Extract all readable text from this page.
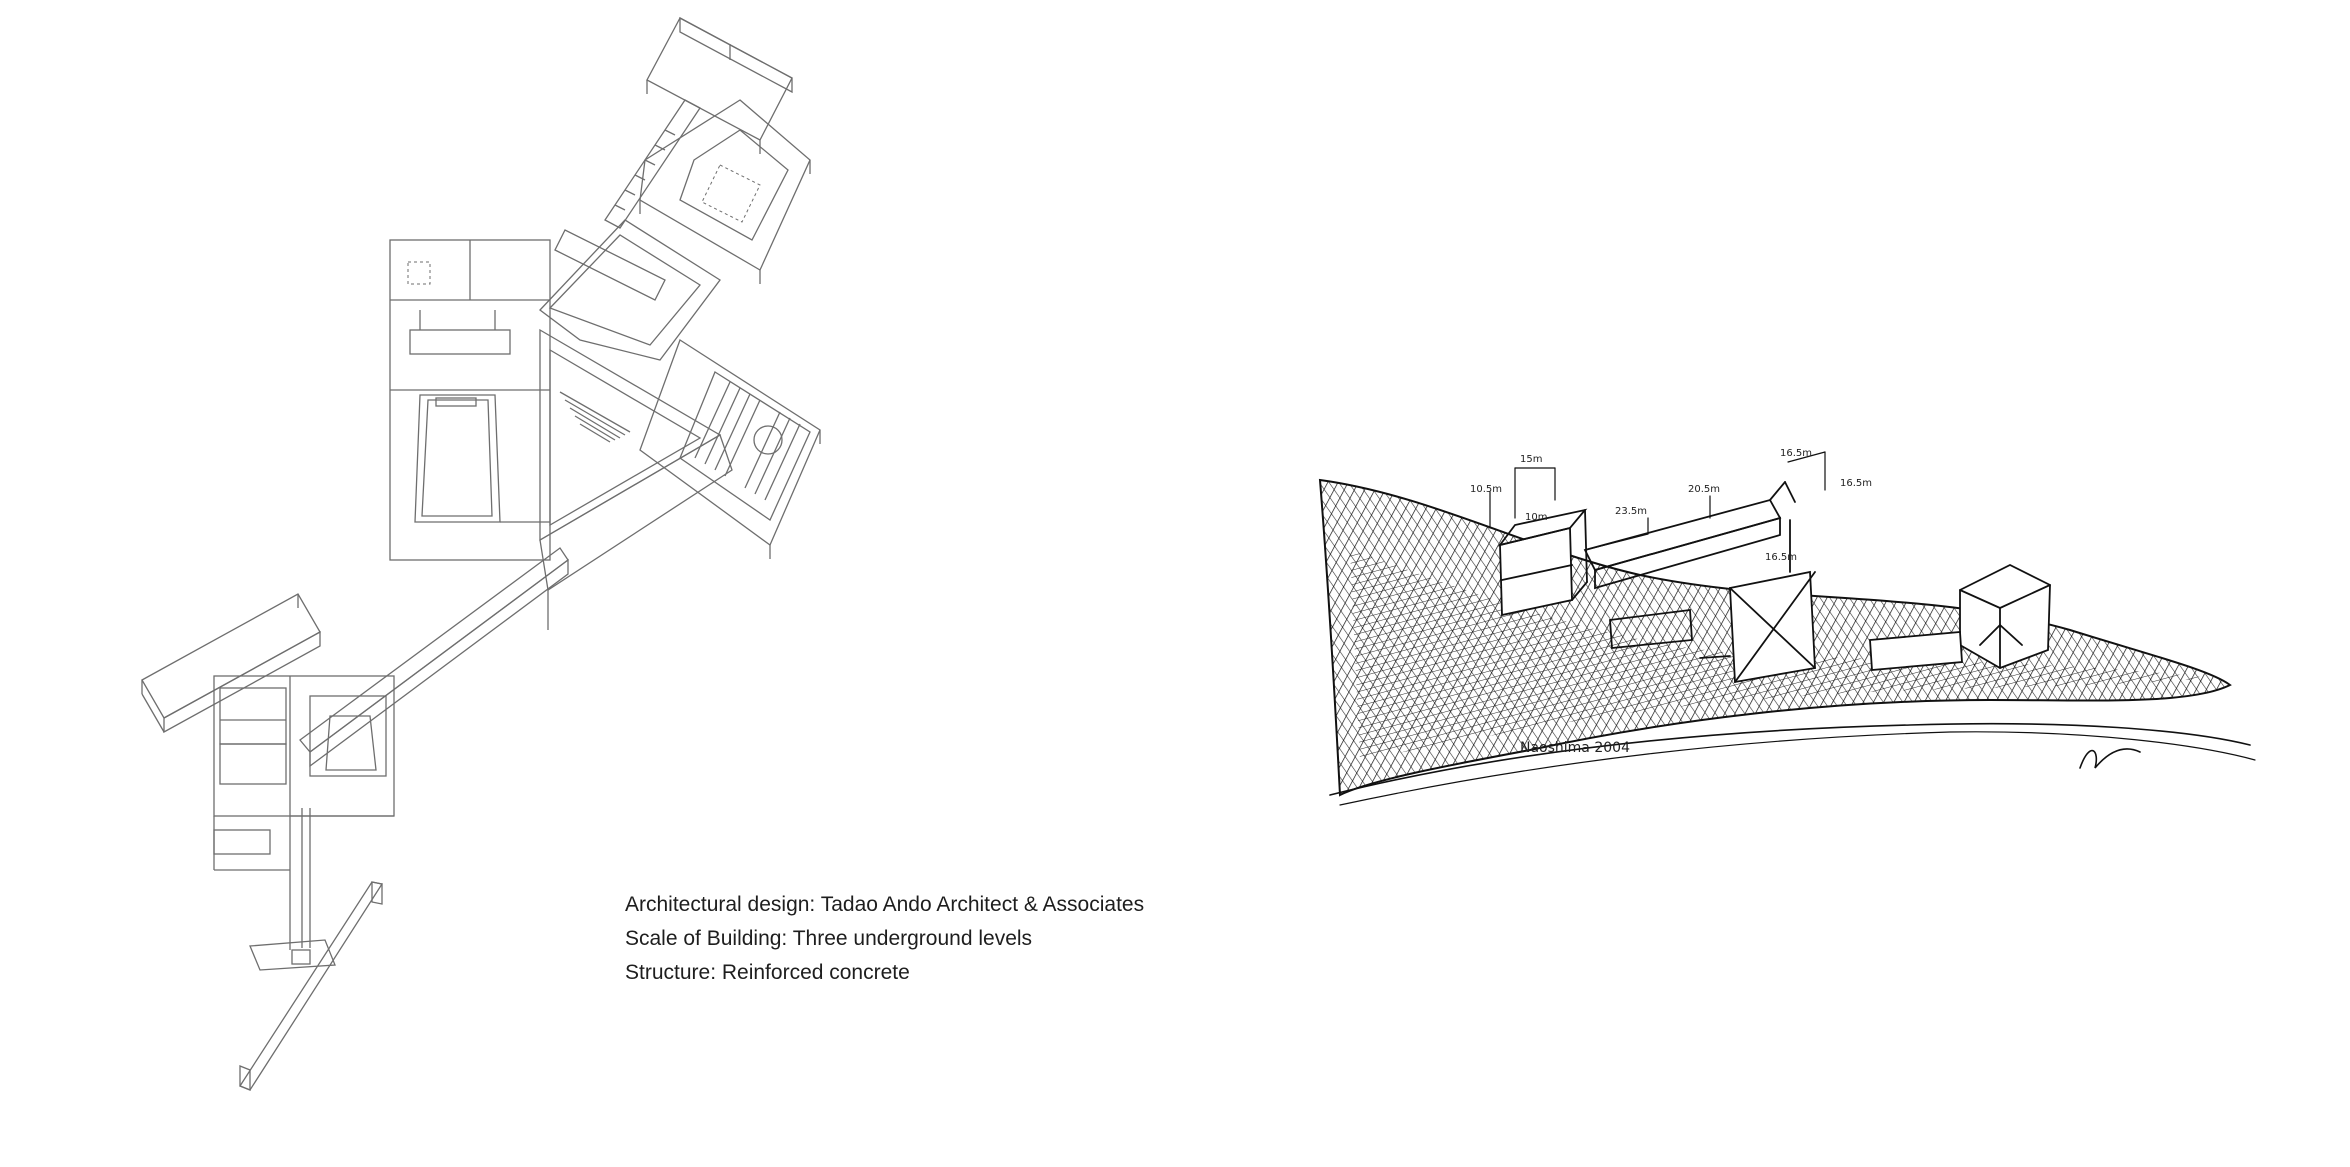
10.5m
15m
23.5m
20.5m
16.5m
16.5m
16.5m
10m
Naoshima 2004
Architectural design: Tadao Ando Architect & Associates
Scale of Building: Three underground levels
Structure: Reinforced concrete
